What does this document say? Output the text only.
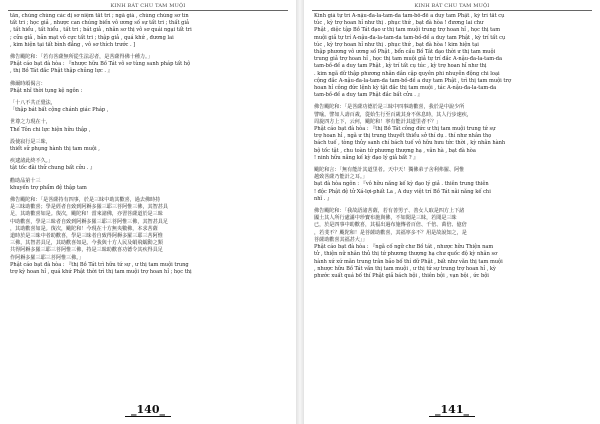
KINH BÁT CHU TAM MUỘI
tấn, chúng chúng các dị sơ niệm tất tri ; ngã giả , chúng chúng sơ tín
tất tri ; học giả , nhược can chúng biến vô ương số sự tất tri ; thất giả
, tất hiểu , tất hiểu , tất tri ; bát giả , nhân sơ thị vô sơ quái ngại tất tri
; cửu giả , bản mạt vô cực tất tri ; thập giả , quá khứ , đương lai
, kim hiện tại tất bình đẳng , vô sơ thích trước . ]
佛告颰陀和：「若有菩薩無所從生法忍者，是菩薩得佛十種力。」
Phật cáo bạt đà hòa : 『nhược hữu Bồ Tát vô sơ tùng sanh pháp tất hộ
, thị Bồ Tát đắc Phật thập chủng lực . 』
佛爾時頌偈言：
Phật nhĩ thời tụng kệ ngôn :
「十八不共正覺法，
「thập bát bất cộng chánh giác Pháp ,
世尊之力現在十，
Thế Tôn chi lực hiện hữu thập ,
設使寂行是三昧，
thiết sử phụng hành thị tam muội ,
疾逮諸此終不久。」
tật tốc đãi thử chung bất cửu . 』
勸助品第十三
khuyến trợ phẩm đệ thập tam
佛告颰陀和：「是菩薩持有四事，於是三昧中助其歡喜，過去佛時持
是三昧助歡喜；學是經者自致到阿耨多羅三耶三菩阿惟三佛，其智甚具
足，其助歡喜如是。復次，颰陀和！當來諸佛，亦習菩薩道於是三昧
中助歡喜，學是三昧者自致到阿耨多羅三耶三菩阿惟三佛，其智甚具足
，其助歡喜如是。復次，颰陀和！今現在十方無央數佛，本求菩薩
道時於是三昧中者助歡喜，學是三昧者自致得阿耨多羅三耶三菩阿惟
三佛，其智甚具足，其助歡喜如是。今我與十方人民及蜎飛蠕動之類
共得阿耨多羅三耶三菩阿惟三佛，持是三昧助歡喜功德令其疾得具足
作阿耨多羅三耶三菩阿惟三佛。」
Phật cáo bạt đà hòa : 『thị Bồ Tát trì hữu tứ sự , ư thị tam muội trung
trợ kỳ hoan hỉ , quá khứ Phật thời trì thị tam muội trợ hoan hỉ ; học thị
_140_
KINH BÁT CHU TAM MUỘI
Kinh giả tự trí A-nậu-đa-la-tam-da tam-bồ-đề a duy tam Phật , kỳ trí tất cụ
túc , kỳ trợ hoan hỉ như thị . phục thứ , bạt đà hòa ! đương lai chư
Phật , diệc tập Bồ Tát đạo ư thị tam muội trung trợ hoan hỉ , học thị tam
muội giả tự trí A-nậu-đa-la-tam-da tam-bồ-đề a duy tam Phật , kỳ trí tất cụ
túc , kỳ trợ hoan hỉ như thị . phục thứ , bạt đà hòa ! kim hiện tại
thập phương vô ương số Phật , bổn cầu Bồ Tát đạo thời ư thị tam muội
trung giả trợ hoan hỉ , học thị tam muội giả tự trí đắc A-nậu-đa-la-tam-da
tam-bồ-đề a duy tam Phật , kỳ trí tất cụ túc , kỳ trợ hoan hỉ như thị
. kim ngã dữ thập phương nhân dân cập quyên phi nhuyễn động chi loại
cộng đắc A-nậu-đa-la-tam-da tam-bồ-đề a duy tam Phật , trì thị tam muội trợ
hoan hỉ công đức lệnh kỳ tật đắc thị tam muội , tác A-nậu-đa-la-tam-da
tam-bồ-đề a duy tam Phật đắc bất cửu . 』
佛告颰陀和：「是菩薩功德於是三昧中四事助歡喜，我於是中說少所
譬喻。譬如人壽百歲，從始生行至百歲其身不休息時，其人行步速疾，
周旋四方上下，云何，颰陀和！寧有能計其道里者不？」
Phật cáo bạt đà hòa : 『thị Bồ Tát công đức ư thị tam muội trung tứ sự
trợ hoan hỉ , ngã ư thị trung thuyết thiểu sở thí dụ . thí như nhân thọ
bách tuế , tòng thủy sanh chí bách tuế vô hữu hưu tức thời , kỳ nhân hành
bộ tốc tật , chu toàn tứ phương thượng hạ , vân hà , bạt đà hòa
! ninh hữu năng kế kỳ đạo lý giả bất ? 』
颰陀和言：「無有能計其道里者。天中天！獨佛弟子舍利弗羅、阿惟
越致菩薩乃能計之耳。」
bạt đà hòa ngôn : 『vô hữu năng kế kỳ đạo lý giả . thiên trung thiên
! độc Phật đệ tử Xá-lợi-phất La , A duy việt trí Bồ Tát nãi năng kế chi
nhĩ . 』
佛告颰陀和：「我故語諸菩薩，若有善男子、善女人取是四方上下諸
國土其人所行處滿中珍寶布施與佛，不如聞是三昧，若聞是三昧
已，於是四事中助歡喜，其福出過布施傳者百倍、千倍、萬倍、億倍
，若斐不？颰陀和！是菩薩助歡喜，其福寧多不？用是故說知之，是
菩薩助歡喜其福甚大」」
Phật cáo bạt đà hòa : 『ngã cố ngữ chư Bồ tát , nhược hữu Thiện nam
tử , thiện nữ nhân thủ thị tứ phương thượng hạ chư quốc độ kỳ nhân sơ
hành xứ xứ mãn trung trân bảo bố thí dữ Phật , bất như văn thị tam muội
, nhược hữu Bồ Tát văn thị tam muội , ư thị tứ sự trung trợ hoan hỉ , kỳ
phước xuất quá bố thí Phật giả bách bội , thiên bội , vạn bội , ức bội
_141_
